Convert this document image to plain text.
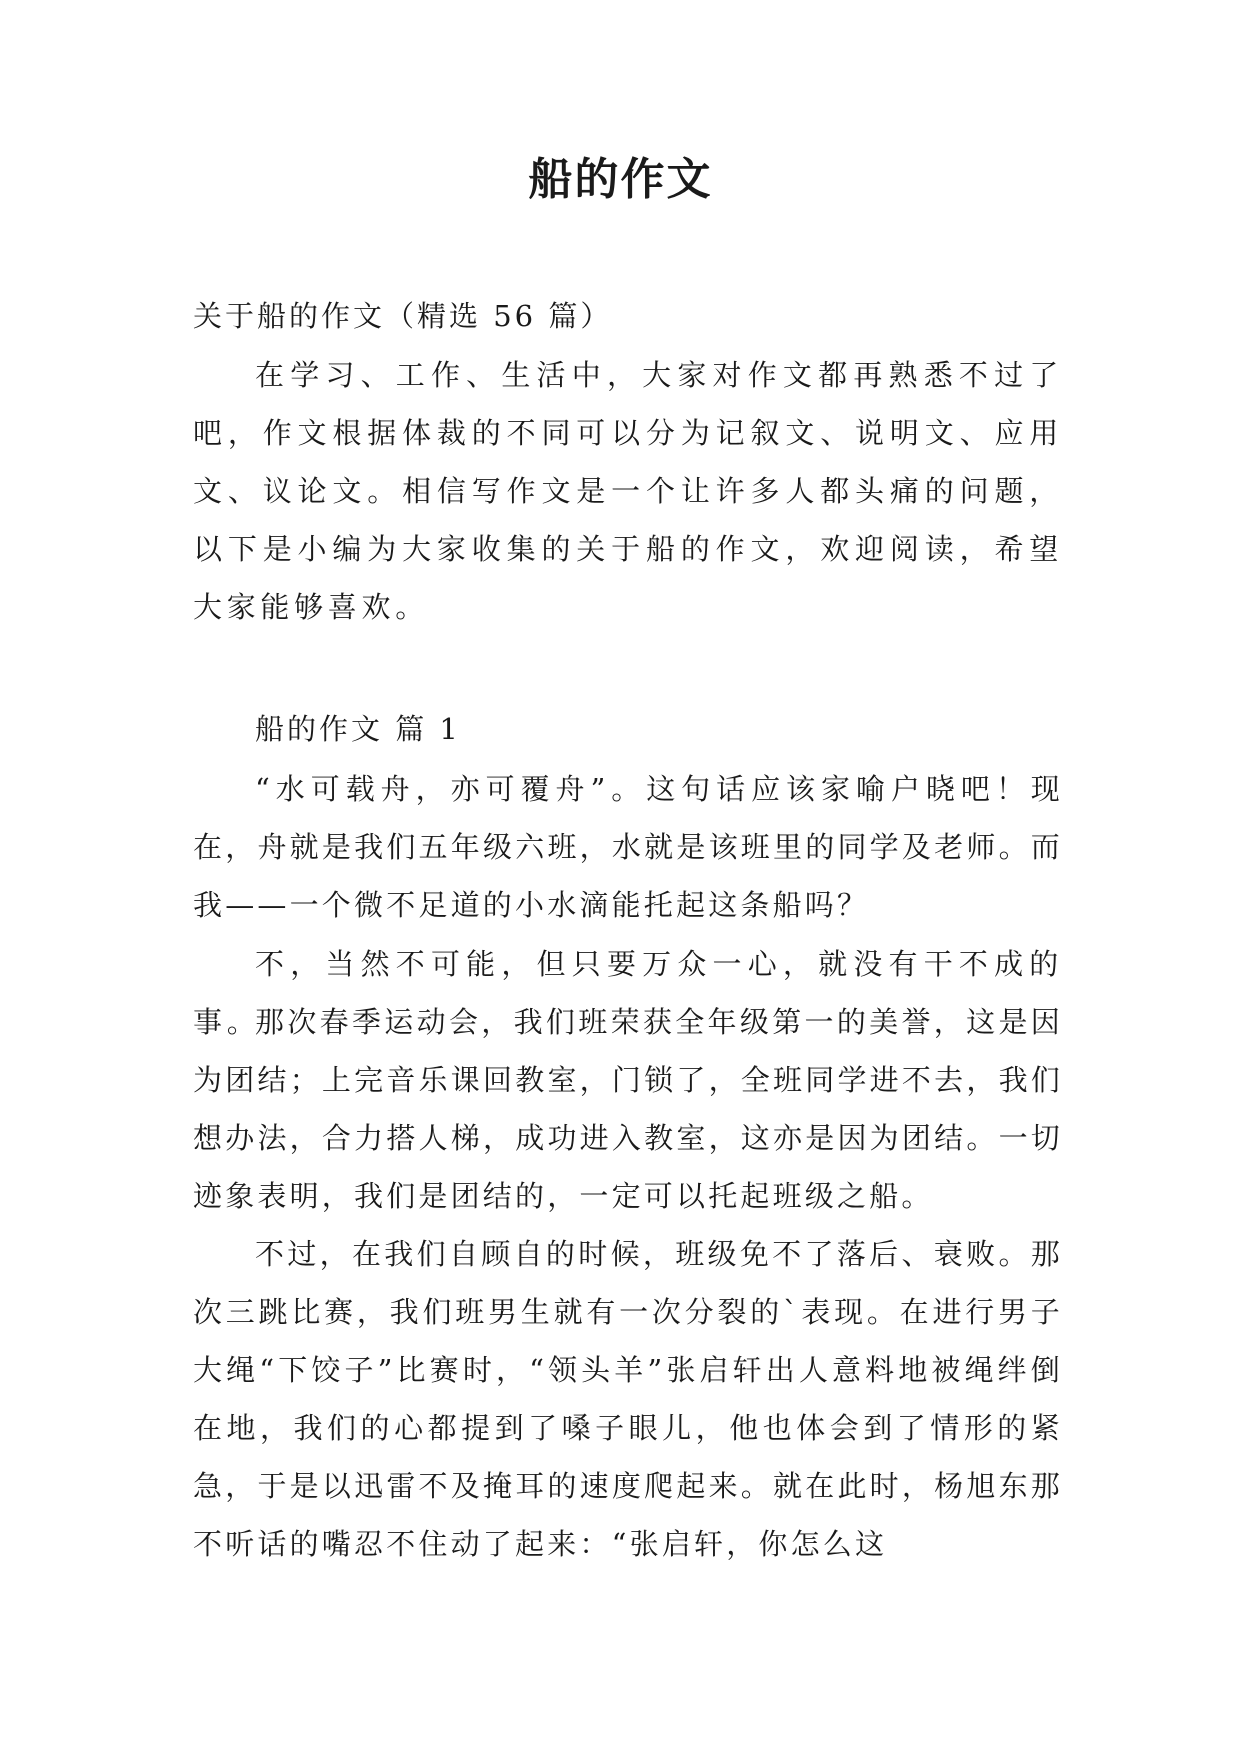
船的作文

关于船的作文（精选 56 篇）

在学习、工作、生活中，大家对作文都再熟悉不过了吧，作文根据体裁的不同可以分为记叙文、说明文、应用文、议论文。相信写作文是一个让许多人都头痛的问题，以下是小编为大家收集的关于船的作文，欢迎阅读，希望大家能够喜欢。

船的作文 篇 1

“水可载舟，亦可覆舟”。这句话应该家喻户晓吧！现在，舟就是我们五年级六班，水就是该班里的同学及老师。而我——一个微不足道的小水滴能托起这条船吗？

不，当然不可能，但只要万众一心，就没有干不成的事。

那次春季运动会，我们班荣获全年级第一的美誉，这是因为团结；上完音乐课回教室，门锁了，全班同学进不去，我们想办法，合力搭人梯，成功进入教室，这亦是因为团结。一切迹象表明，我们是团结的，一定可以托起班级之船。

不过，在我们自顾自的时候，班级免不了落后、衰败。那次三跳比赛，我们班男生就有一次分裂的`表现。在进行男子大绳“下饺子”比赛时，“领头羊”张启轩出人意料地被绳绊倒在地，我们的心都提到了嗓子眼儿，他也体会到了情形的紧急，于是以迅雷不及掩耳的速度爬起来。就在此时，杨旭东那不听话的嘴忍不住动了起来：“张启轩，你怎么这
